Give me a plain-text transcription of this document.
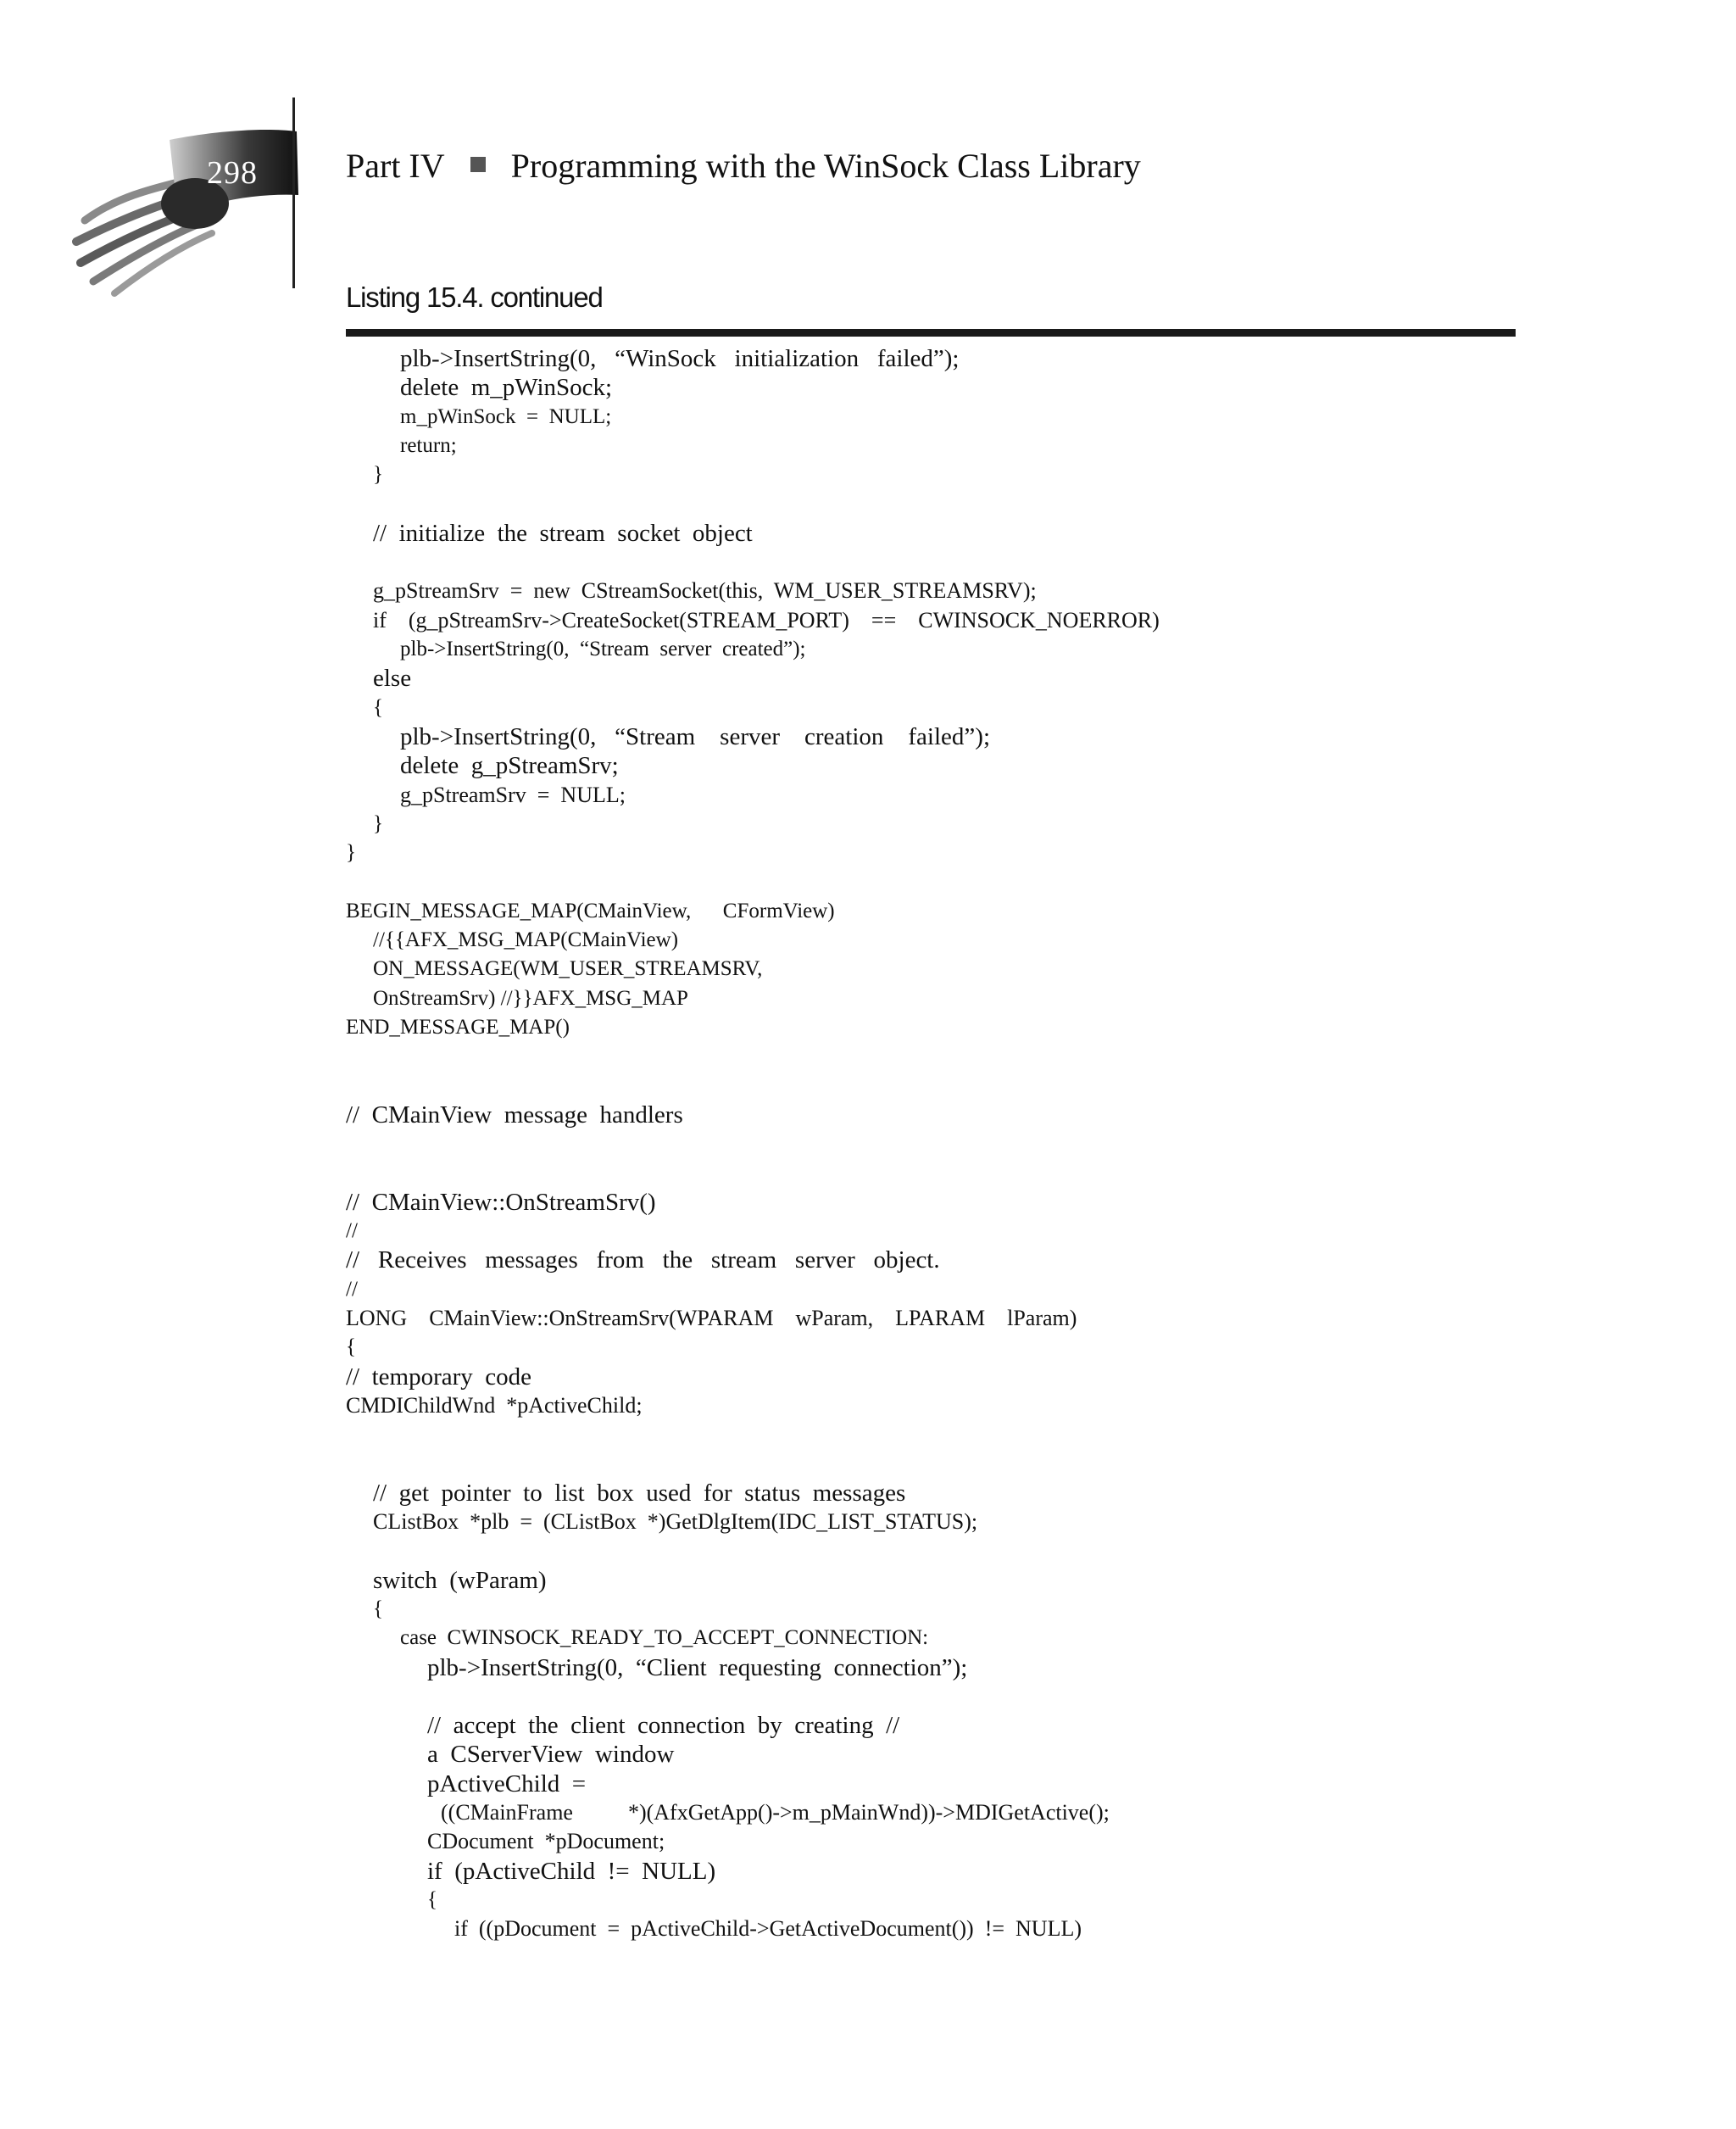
298	Part IV Programming with the WinSock Class Library
Listing 15.4. continued
plb->InsertString(0,   “WinSock   initialization   failed”);
delete  m_pWinSock;
m_pWinSock  =  NULL;
return;
}
//  initialize  the  stream  socket  object
g_pStreamSrv  =  new  CStreamSocket(this,  WM_USER_STREAMSRV);
if    (g_pStreamSrv->CreateSocket(STREAM_PORT)    ==    CWINSOCK_NOERROR)
plb->InsertString(0,  “Stream  server  created”);
else
{
plb->InsertString(0,   “Stream    server    creation    failed”);
delete  g_pStreamSrv;
g_pStreamSrv  =  NULL;
}
}
BEGIN_MESSAGE_MAP(CMainView,      CFormView)
//{{AFX_MSG_MAP(CMainView)
ON_MESSAGE(WM_USER_STREAMSRV,
OnStreamSrv) //}}AFX_MSG_MAP
END_MESSAGE_MAP()
//  CMainView  message  handlers
//  CMainView::OnStreamSrv()
//
//   Receives   messages   from   the   stream   server   object.
//
LONG    CMainView::OnStreamSrv(WPARAM    wParam,    LPARAM    lParam)
{
//  temporary  code
CMDIChildWnd  *pActiveChild;
//  get  pointer  to  list  box  used  for  status  messages
CListBox  *plb  =  (CListBox  *)GetDlgItem(IDC_LIST_STATUS);
switch  (wParam)
{
case  CWINSOCK_READY_TO_ACCEPT_CONNECTION:
plb->InsertString(0,  “Client  requesting  connection”);
//  accept  the  client  connection  by  creating  //
a  CServerView  window
pActiveChild  =
((CMainFrame          *)(AfxGetApp()->m_pMainWnd))->MDIGetActive();
CDocument  *pDocument;
if  (pActiveChild  !=  NULL)
{
if  ((pDocument  =  pActiveChild->GetActiveDocument())  !=  NULL)
